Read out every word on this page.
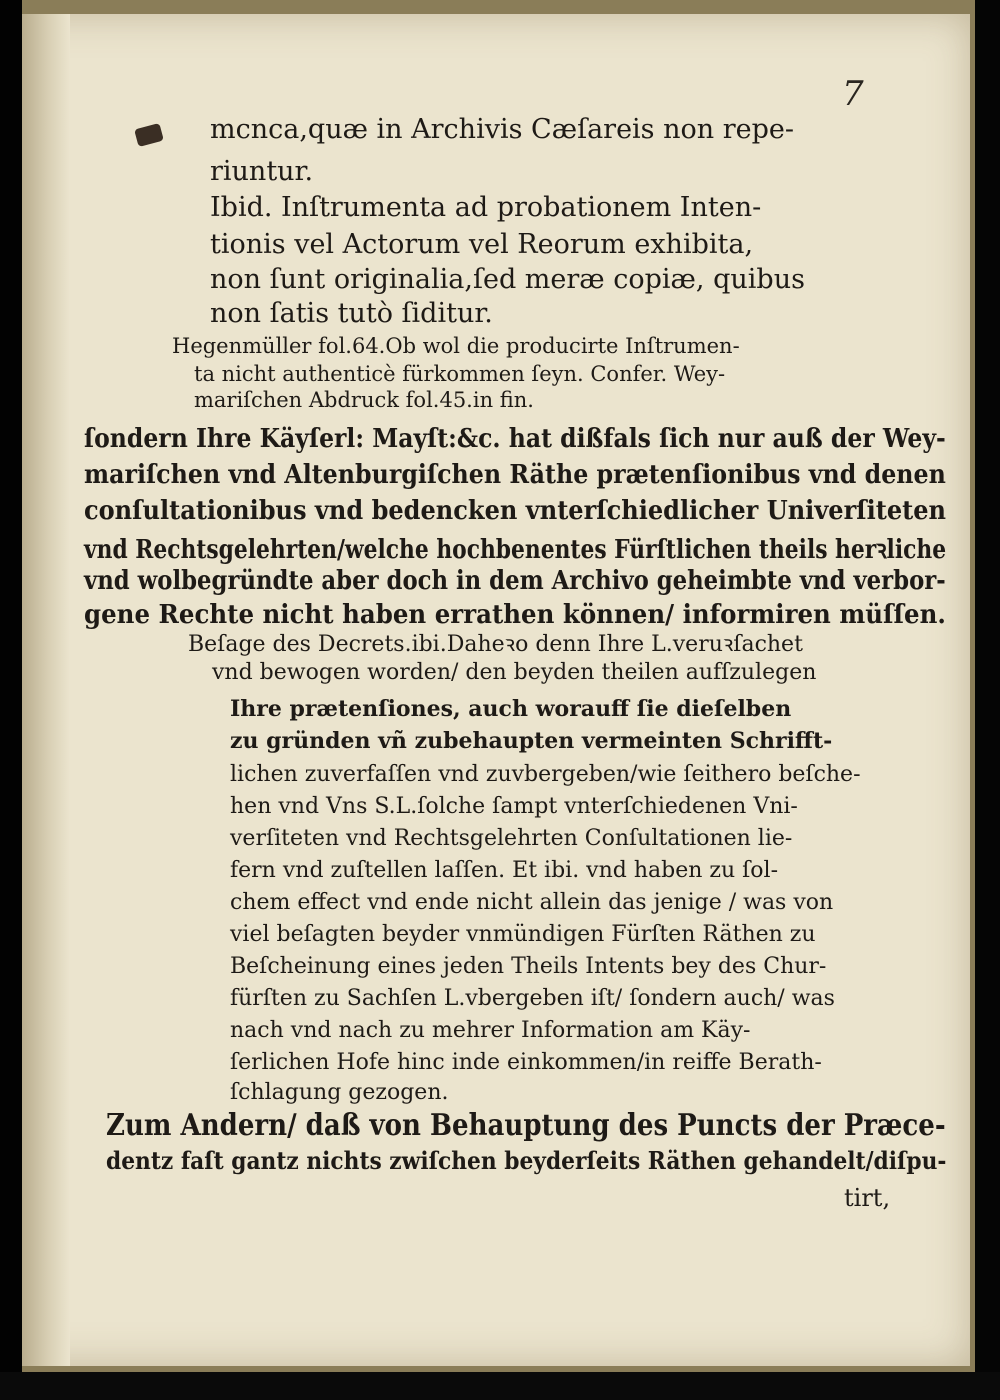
7
mcnca,quæ in Archivis Cæſareis non repe-
riuntur.
Ibid. Inſtrumenta ad probationem Inten-
tionis vel Actorum vel Reorum exhibita,
non ſunt originalia,ſed meræ copiæ, quibus
non ſatis tutò ſiditur.
Hegenmüller fol.64.Ob wol die producirte Inſtrumen-
ta nicht authenticè fürkommen ſeyn. Confer. Wey-
mariſchen Abdruck fol.45.in fin.
ſondern Ihre Käyſerl: Mayſt:&c. hat dißfals ſich nur auß der Wey-
mariſchen vnd Altenburgiſchen Räthe prætenſionibus vnd denen
conſultationibus vnd bedencken vnterſchiedlicher Univerſiteten
vnd Rechtsgelehrten/welche hochbenentes Fürſtlichen theils herꝛliche
vnd wolbegründte aber doch in dem Archivo geheimbte vnd verbor-
gene Rechte nicht haben errathen können/ informiren müſſen.
Beſage des Decrets.ibi.Daheꝛo denn Ihre L.veruꝛſachet
vnd bewogen worden/ den beyden theilen aufſzulegen
Ihre prætenſiones, auch worauff ſie dieſelben
zu gründen vñ zubehaupten vermeinten Schrifft-
lichen zuverfaſſen vnd zuvbergeben/wie ſeithero beſche-
hen vnd Vns S.L.ſolche ſampt vnterſchiedenen Vni-
verſiteten vnd Rechtsgelehrten Conſultationen lie-
fern vnd zuſtellen laſſen. Et ibi. vnd haben zu ſol-
chem effect vnd ende nicht allein das jenige / was von
viel beſagten beyder vnmündigen Fürſten Räthen zu
Beſcheinung eines jeden Theils Intents bey des Chur-
fürſten zu Sachſen L.vbergeben iſt/ ſondern auch/ was
nach vnd nach zu mehrer Information am Käy-
ſerlichen Hofe hinc inde einkommen/in reiffe Berath-
ſchlagung gezogen.
Zum Andern/ daß von Behauptung des Puncts der Præce-
dentz faſt gantz nichts zwiſchen beyderſeits Räthen gehandelt/diſpu-
tirt,
